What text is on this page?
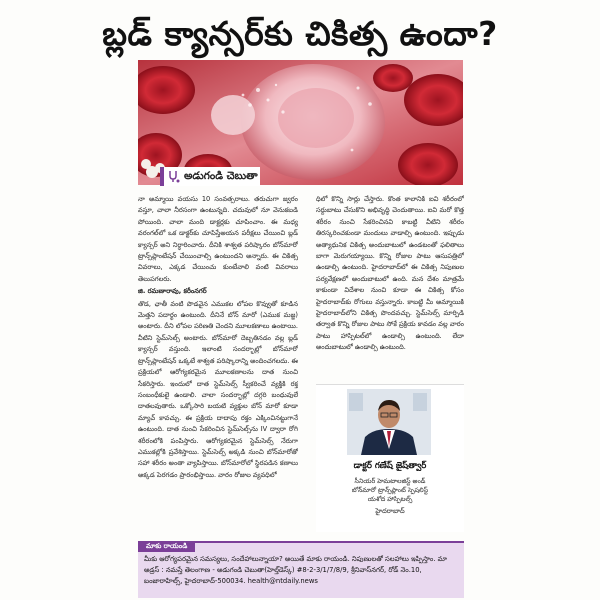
బ్లడ్ క్యాన్సర్‌కు చికిత్స ఉందా?
అడుగండి చెబుతా

నా అమ్మాయి వయసు 10 సంవత్సరాలు. తరుచుగా జ్వరం వస్తూ, చాలా నీరసంగా ఉంటున్నది. చదువులో నూ వెనుకబడి పోయింది. చాలా మంది డాక్టర్లకు చూపించాం. ఈ మధ్య వరంగల్‌లో ఒక డాక్టర్‌కు చూపిస్తేఅయన పరీక్షలు చేయించి బ్లడ్ క్యాన్సర్ అని నిర్ధారించారు. దీనికి శాశ్వత పరిష్కారం బోన్‌మారో ట్రాన్స్‌ప్లాంటేషన్ చేయించాల్సి ఉంటుందని అన్నారు. ఈ చికిత్స వివరాలు, ఎక్కడ చేయించు కుంటేవాలి వంటి వివరాలు తెలుపగలరు.

జి. రమణారావు, కరీంనగర్

తొడ, ఛాతీ వంటి పొడవైన ఎముకల లోపల కొవ్వుతో కూడిన మెత్తని పదార్థం ఉంటుంది. దీనినే బోన్ మారో (ఎముక మజ్జ) అంటారు. దీని లోపల పరిణతి చెందని మూలకణాలు ఉంటాయి. వీటిని స్టెమ్‌సెల్స్ అంటారు. బోన్‌మారో దెబ్బతినడం వల్ల బ్లడ్ క్యాన్సర్ వస్తుంది. ఇలాంటి సందర్భాల్లో బోన్‌మారో ట్రాన్స్‌ప్లాంటేషన్ ఒక్కటే శాశ్వత పరిష్కారాన్ని అందించగలదు. ఈ ప్రక్రియలో ఆరోగ్యకరమైన మూలకణాలను దాత నుంచి సేకరిస్తారు. ఇందులో దాత స్టెమ్‌సెల్స్ స్వీకరించే వ్యక్తికి రక్త సంబంధీకులై ఉండాలి. చాలా సందర్భాల్లో దగ్గరి బంధువులే దాతలవుతారు. ఒక్కోసారి బయటి వ్యక్తుల బోన్ మారో కూడా మ్యాచ్ కావచ్చు. ఈ ప్రక్రియ దాదాపు రక్తం ఎక్కించినట్టుగానే ఉంటుంది. దాత నుంచి సేకరించిన స్టెమ్‌సెల్స్‌ను IV ద్వారా రోగి శరీరంలోకి పంపిస్తారు. ఆరోగ్యకరమైన స్టెమ్‌సెల్స్ నేరుగా ఎముకల్లోకి ప్రవేశిస్తాయి. స్టెమ్‌సెల్స్ అక్కడి నుంచి బోన్‌మారోతో సహా శరీరం అంతా వ్యాపిస్తాయి. బోన్‌మారోలో స్థిరపడిన కణాలు అక్కడ పెరగడం ప్రారంభిస్తాయి. వారం రోజుల వ్యవధిలో

ధిలో కొన్ని సార్లు చేస్తారు. కొంత కాలానికి ఐవి శరీరంలో సర్దుబాటు చేసుకొని అభివృద్ధి చెందుతాయి. ఐవి మరో కొత్త శరీరం నుంచి సేకరించినవి కాబట్టి వీటిని శరీరం తిరస్కరించకుండా మందులు వాడాల్సి ఉంటుంది. ఇప్పుడు అత్యాధునిక చికిత్స అందుబాటులో ఉండటంతో ఫలితాలు బాగా మెరుగయ్యాయి. కొన్ని రోజుల పాటు ఆసుపత్రిలో ఉండాల్సి ఉంటుంది. హైదరాబాద్‌లో ఈ చికిత్స నిపుణుల పర్యవేక్షణలో అందుబాటులో ఉంది. మన దేశం మాత్రమే కాకుండా విదేశాల నుంచి కూడా ఈ చికిత్స కోసం హైదరాబాద్‌కు రోగులు వస్తున్నారు. కాబట్టి మీ అమ్మాయికి హైదరాబాద్‌లోని చికిత్స పొందవచ్చు. స్టెమ్‌సెల్స్ మార్పిడి తర్వాత కొన్ని రోజుల పాటు సోకే ప్రక్రియ కావడం వల్ల వారం పాటు హాస్పిటల్‌లో ఉండాల్సి ఉంటుంది. లేదా అందుబాటులో ఉండాల్సి ఉంటుంది.

డాక్టర్ గణేష్ జైష్‌త్వార్
సీనియర్ హెమటాలజిస్ట్ అండ్
బోన్‌మారో ట్రాన్స్‌ప్లాంట్ స్పెషలిస్ట్
యశోద హాస్పిటల్స్
హైదరాబాద్
మాకు రాయండి
మీకు ఆరోగ్యపరమైన సమస్యలు, సందేహాలున్నాయా? అయితే మాకు రాయండి. నిపుణులతో సలహాలు ఇప్పిస్తాం. మా అడ్రస్ : నమస్తే తెలంగాణ - అడుగండి చెబుతా(హెల్త్‌డెస్క్) #8-2-3/1/7/8/9, శ్రీనివాస్‌నగర్, రోడ్ నెం.10, బంజారాహిల్స్, హైదరాబాద్-500034. health@ntdaily.news
